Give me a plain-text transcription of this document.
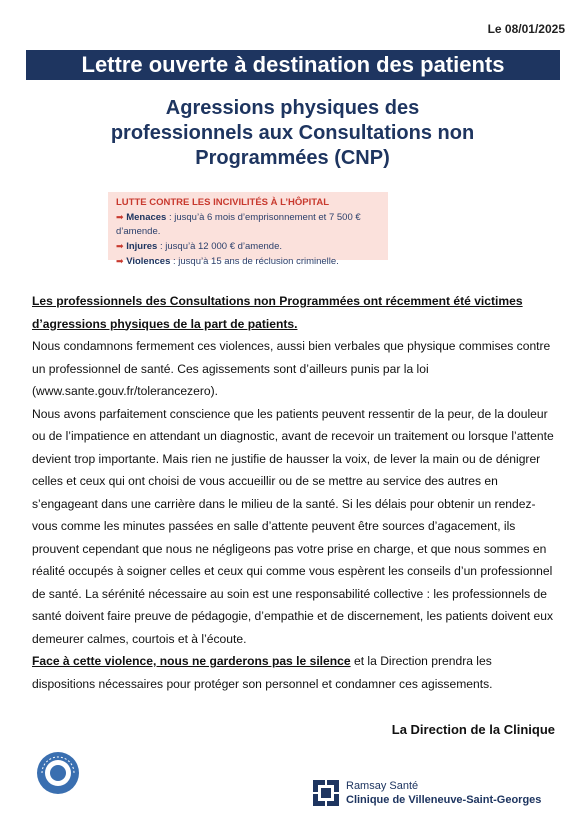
Le 08/01/2025
Lettre ouverte à destination des patients
Agressions physiques des
professionnels aux Consultations non
Programmées (CNP)
LUTTE CONTRE LES INCIVILITÉS À L’HÔPITAL
➡ Menaces : jusqu’à 6 mois d’emprisonnement et 7 500 € d’amende.
➡ Injures : jusqu’à 12 000 € d’amende.
➡ Violences : jusqu’à 15 ans de réclusion criminelle.

Les professionnels des Consultations non Programmées ont récemment été victimes d’agressions physiques de la part de patients.

Nous condamnons fermement ces violences, aussi bien verbales que physique commises contre un professionnel de santé. Ces agissements sont d’ailleurs punis par la loi (www.sante.gouv.fr/tolerancezero).

Nous avons parfaitement conscience que les patients peuvent ressentir de la peur, de la douleur ou de l’impatience en attendant un diagnostic, avant de recevoir un traitement ou lorsque l’attente devient trop importante. Mais rien ne justifie de hausser la voix, de lever la main ou de dénigrer celles et ceux qui ont choisi de vous accueillir ou de se mettre au service des autres en s’engageant dans une carrière dans le milieu de la santé. Si les délais pour obtenir un rendez-vous comme les minutes passées en salle d’attente peuvent être sources d’agacement, ils prouvent cependant que nous ne négligeons pas votre prise en charge, et que nous sommes en réalité occupés à soigner celles et ceux qui comme vous espèrent les conseils d’un professionnel de santé. La sérénité nécessaire au soin est une responsabilité collective : les professionnels de santé doivent faire preuve de pédagogie, d’empathie et de discernement, les patients doivent eux demeurer calmes, courtois et à l’écoute.

Face à cette violence, nous ne garderons pas le silence et la Direction prendra les dispositions nécessaires pour protéger son personnel et condamner ces agissements.

La Direction de la Clinique
Ramsay Santé
Clinique de Villeneuve-Saint-Georges
